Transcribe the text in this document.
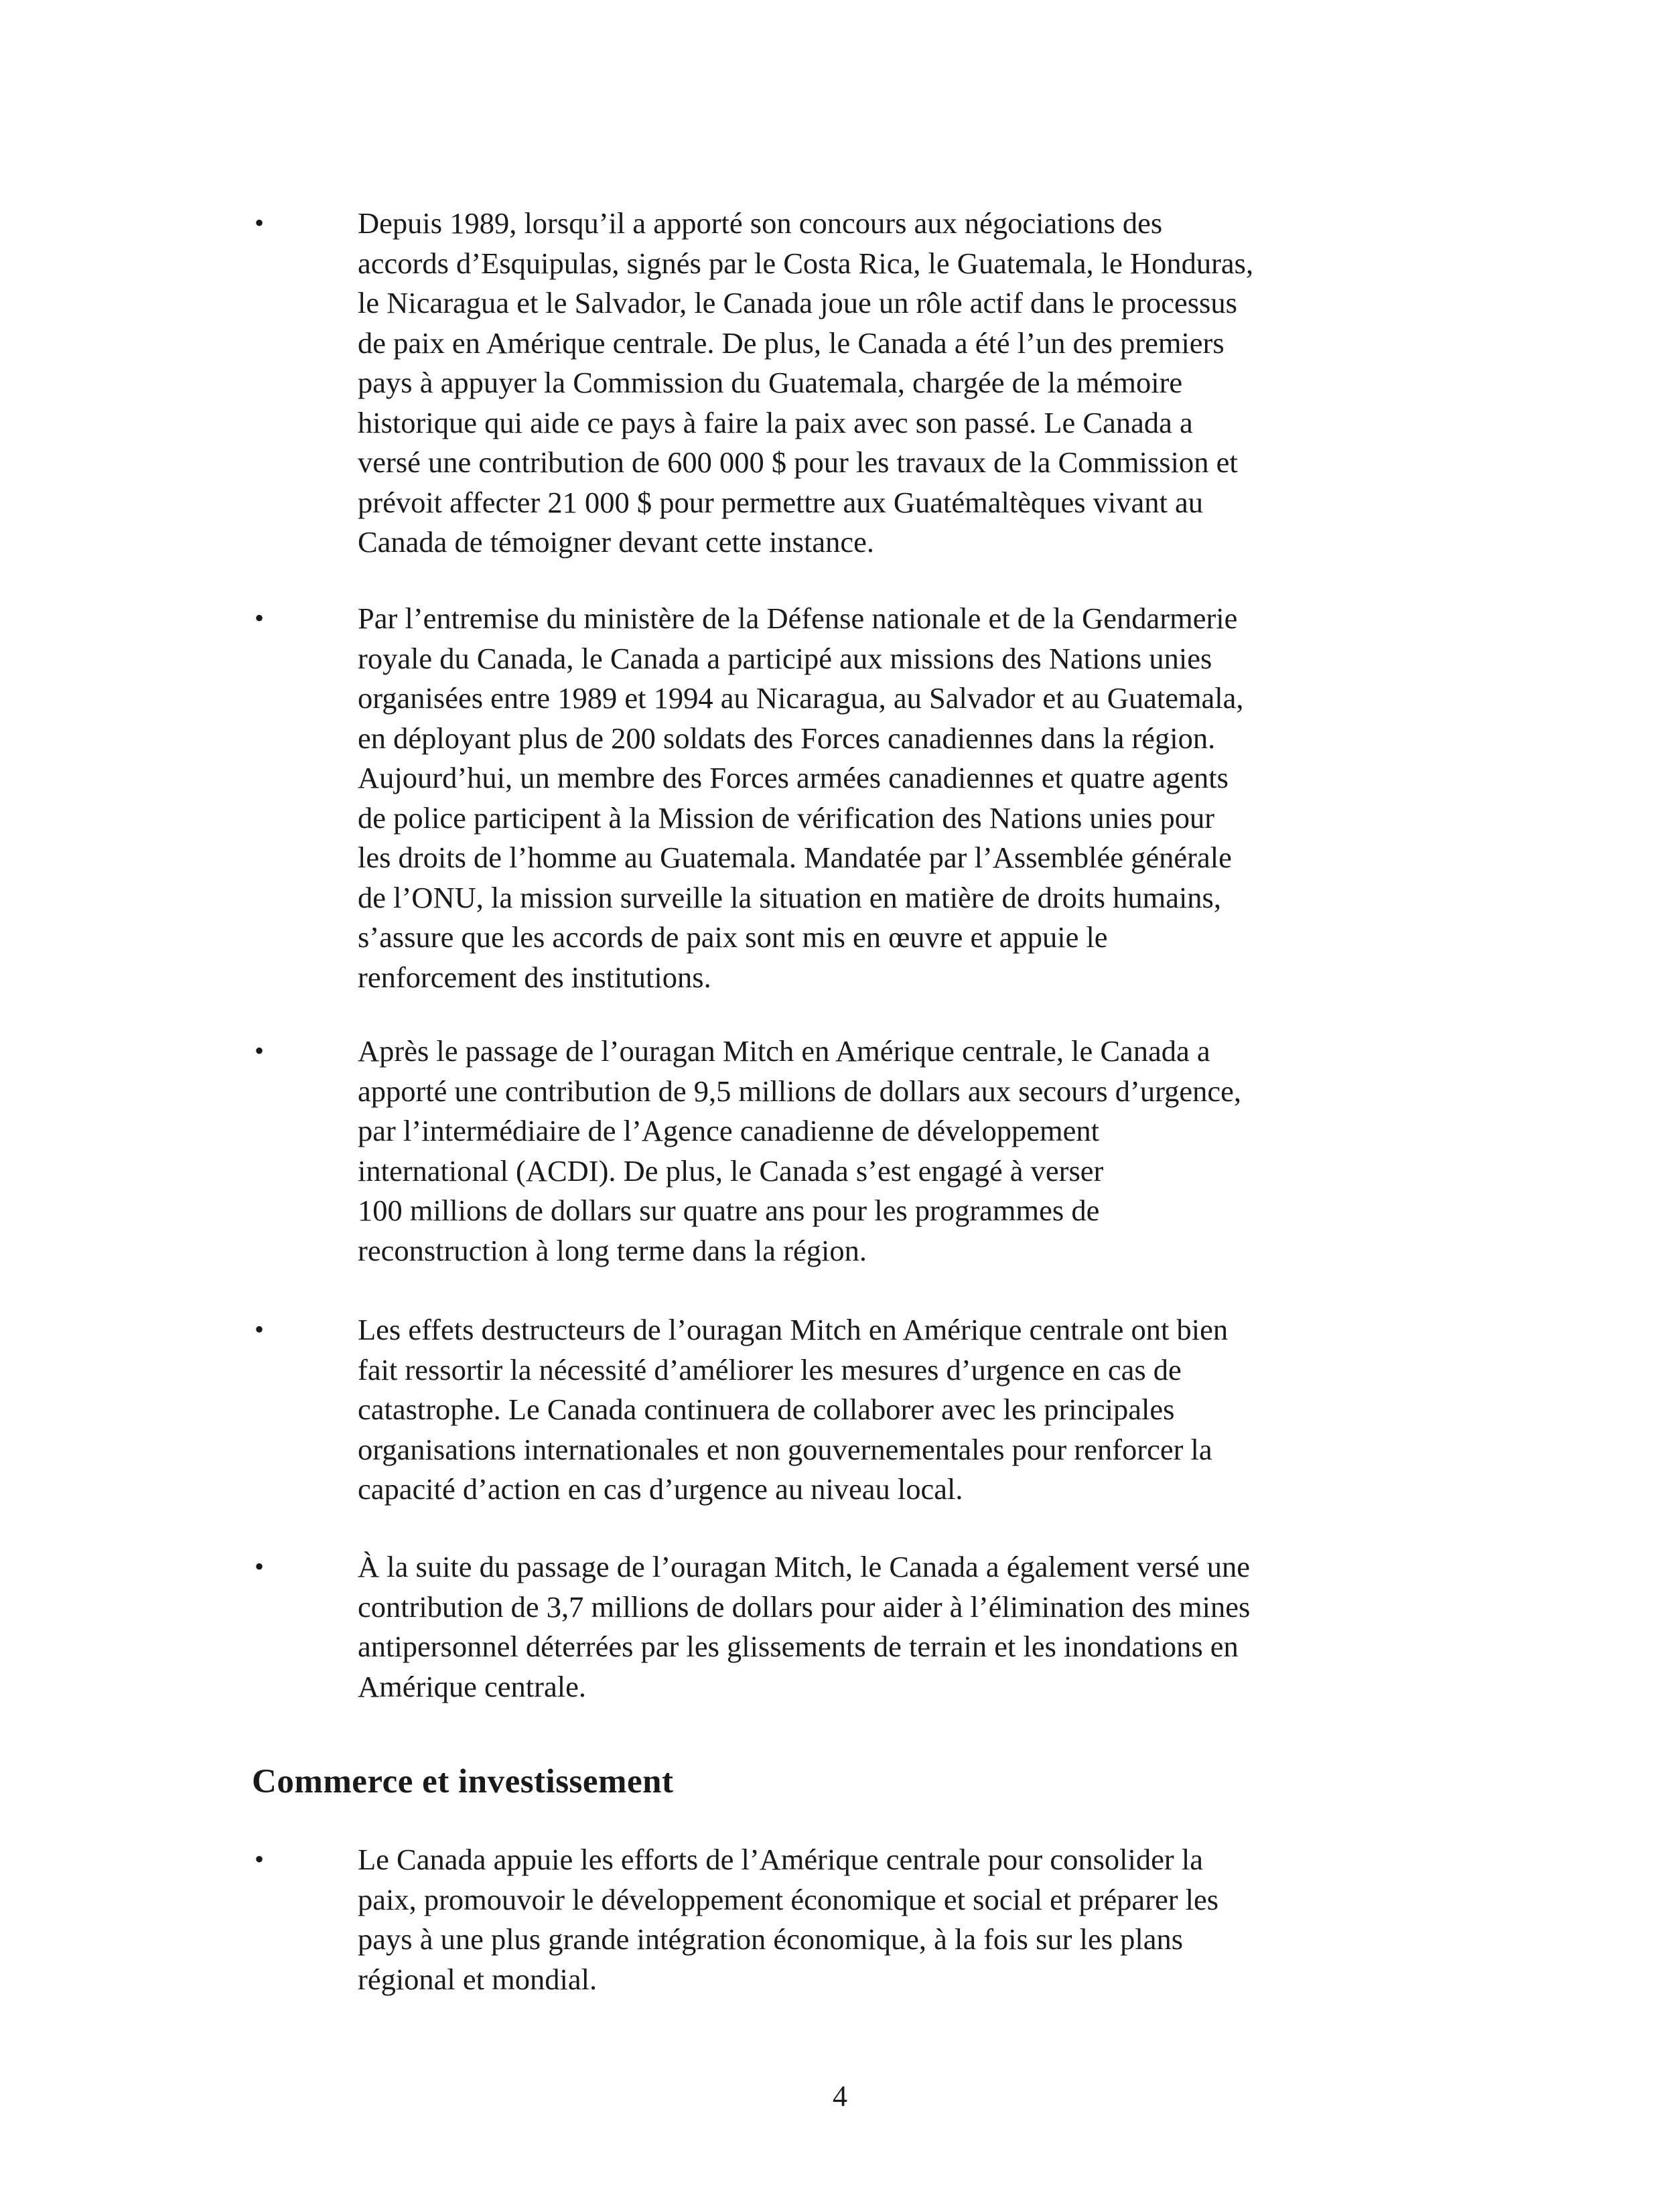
•	Depuis 1989, lorsqu’il a apporté son concours aux négociations des
accords d’Esquipulas, signés par le Costa Rica, le Guatemala, le Honduras,
le Nicaragua et le Salvador, le Canada joue un rôle actif dans le processus
de paix en Amérique centrale. De plus, le Canada a été l’un des premiers
pays à appuyer la Commission du Guatemala, chargée de la mémoire
historique qui aide ce pays à faire la paix avec son passé. Le Canada a
versé une contribution de 600 000 $ pour les travaux de la Commission et
prévoit affecter 21 000 $ pour permettre aux Guatémaltèques vivant au
Canada de témoigner devant cette instance.

•	Par l’entremise du ministère de la Défense nationale et de la Gendarmerie
royale du Canada, le Canada a participé aux missions des Nations unies
organisées entre 1989 et 1994 au Nicaragua, au Salvador et au Guatemala,
en déployant plus de 200 soldats des Forces canadiennes dans la région.
Aujourd’hui, un membre des Forces armées canadiennes et quatre agents
de police participent à la Mission de vérification des Nations unies pour
les droits de l’homme au Guatemala. Mandatée par l’Assemblée générale
de l’ONU, la mission surveille la situation en matière de droits humains,
s’assure que les accords de paix sont mis en œuvre et appuie le
renforcement des institutions.

•	Après le passage de l’ouragan Mitch en Amérique centrale, le Canada a
apporté une contribution de 9,5 millions de dollars aux secours d’urgence,
par l’intermédiaire de l’Agence canadienne de développement
international (ACDI). De plus, le Canada s’est engagé à verser
100 millions de dollars sur quatre ans pour les programmes de
reconstruction à long terme dans la région.

•	Les effets destructeurs de l’ouragan Mitch en Amérique centrale ont bien
fait ressortir la nécessité d’améliorer les mesures d’urgence en cas de
catastrophe. Le Canada continuera de collaborer avec les principales
organisations internationales et non gouvernementales pour renforcer la
capacité d’action en cas d’urgence au niveau local.

•	À la suite du passage de l’ouragan Mitch, le Canada a également versé une
contribution de 3,7 millions de dollars pour aider à l’élimination des mines
antipersonnel déterrées par les glissements de terrain et les inondations en
Amérique centrale.

Commerce et investissement
•	Le Canada appuie les efforts de l’Amérique centrale pour consolider la
paix, promouvoir le développement économique et social et préparer les
pays à une plus grande intégration économique, à la fois sur les plans
régional et mondial.

4
